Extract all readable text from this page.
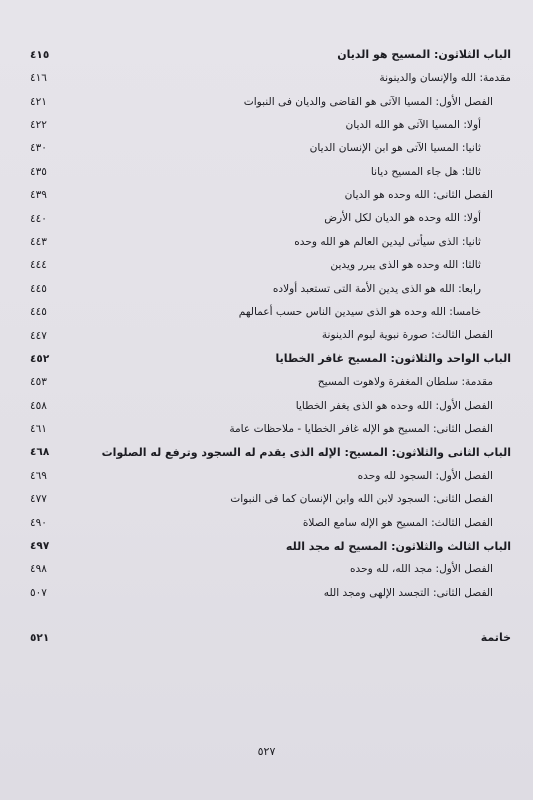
٤١٥	الباب الثلاثون: المسيح هو الديان
٤١٦	مقدمة: الله والإنسان والدينونة
٤٢١	الفصل الأول: المسيا الآتى هو القاضى والديان فى النبوات
٤٢٢	أولا: المسيا الآتى هو الله الديان
٤٣٠	ثانيا: المسيا الآتى هو ابن الإنسان الديان
٤٣٥	ثالثا: هل جاء المسيح ديانا
٤٣٩	الفصل الثانى: الله وحده هو الديان
٤٤٠	أولا: الله وحده هو الديان لكل الأرض
٤٤٣	ثانيا: الذى سيأتى ليدين العالم هو الله وحده
٤٤٤	ثالثا: الله وحده هو الذى يبرر ويدين
٤٤٥	رابعا: الله هو الذى يدين الأمة التى تستعبد أولاده
٤٤٥	خامسا: الله وحده هو الذى سيدين الناس حسب أعمالهم
٤٤٧	الفصل الثالث: صورة نبوية ليوم الدينونة
٤٥٢	الباب الواحد والثلاثون: المسيح غافر الخطايا
٤٥٣	مقدمة: سلطان المغفرة ولاهوت المسيح
٤٥٨	الفصل الأول: الله وحده هو الذى يغفر الخطايا
٤٦١	الفصل الثانى: المسيح هو الإله غافر الخطايا - ملاحظات عامة
٤٦٨	الباب الثانى والثلاثون: المسيح: الإله الذى يقدم له السجود وترفع له الصلوات
٤٦٩	الفصل الأول: السجود لله وحده
٤٧٧	الفصل الثانى: السجود لابن الله وابن الإنسان كما فى النبوات
٤٩٠	الفصل الثالث: المسيح هو الإله سامع الصلاة
٤٩٧	الباب الثالث والثلاثون: المسيح له مجد الله
٤٩٨	الفصل الأول: مجد الله، لله وحده
٥٠٧	الفصل الثانى: التجسد الإلهى ومجد الله
٥٢١	خاتمة
٥٢٧
